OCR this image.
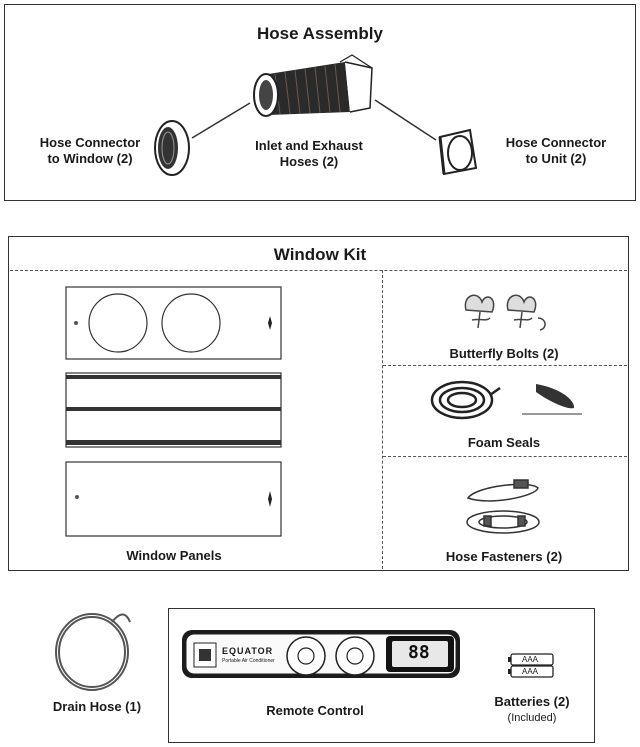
Hose Assembly
Hose Connector
to Window (2)
Inlet and Exhaust
Hoses (2)
Hose Connector
to Unit (2)
Window Kit
Window Panels
Butterfly Bolts (2)
Foam Seals
Hose Fasteners (2)
Drain Hose (1)
EQUATOR
Portable Air Conditioner	88
Remote Control
AAA
AAA
Batteries (2)
(Included)
